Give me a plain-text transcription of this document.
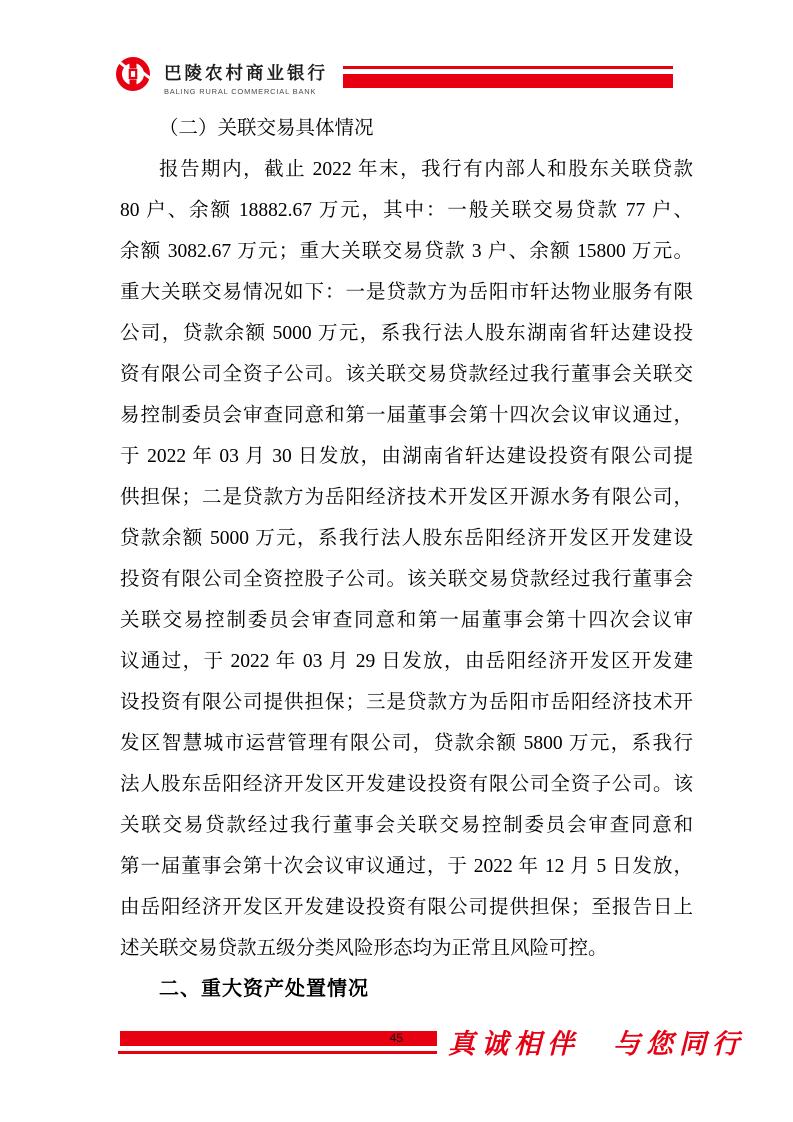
巴陵农村商业银行
BALING RURAL COMMERCIAL BANK
（二）关联交易具体情况
报告期内，截止 2022 年末，我行有内部人和股东关联贷款
80 户、余额 18882.67 万元，其中：一般关联交易贷款 77 户、
余额 3082.67 万元；重大关联交易贷款 3 户、余额 15800 万元。
重大关联交易情况如下：一是贷款方为岳阳市轩达物业服务有限
公司，贷款余额 5000 万元，系我行法人股东湖南省轩达建设投
资有限公司全资子公司。该关联交易贷款经过我行董事会关联交
易控制委员会审查同意和第一届董事会第十四次会议审议通过，
于 2022 年 03 月 30 日发放，由湖南省轩达建设投资有限公司提
供担保；二是贷款方为岳阳经济技术开发区开源水务有限公司，
贷款余额 5000 万元，系我行法人股东岳阳经济开发区开发建设
投资有限公司全资控股子公司。该关联交易贷款经过我行董事会
关联交易控制委员会审查同意和第一届董事会第十四次会议审
议通过，于 2022 年 03 月 29 日发放，由岳阳经济开发区开发建
设投资有限公司提供担保；三是贷款方为岳阳市岳阳经济技术开
发区智慧城市运营管理有限公司，贷款余额 5800 万元，系我行
法人股东岳阳经济开发区开发建设投资有限公司全资子公司。该
关联交易贷款经过我行董事会关联交易控制委员会审查同意和
第一届董事会第十次会议审议通过，于 2022 年 12 月 5 日发放，
由岳阳经济开发区开发建设投资有限公司提供担保；至报告日上
述关联交易贷款五级分类风险形态均为正常且风险可控。
二、重大资产处置情况
45 真诚相伴　与您同行
